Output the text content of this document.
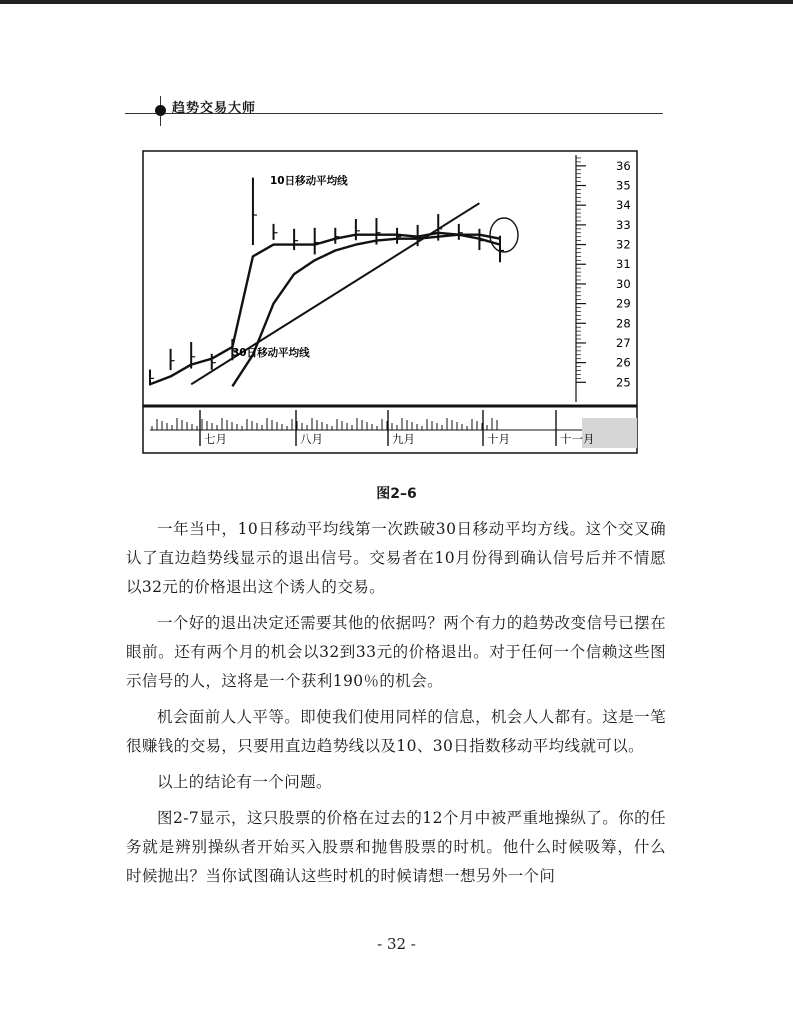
趋势交易大师
25
26
27
28
29
30
31
32
33
34
35
36
七月	八月	九月	十月	十一月
10日移动平均线
30日移动平均线
图2–6

一年当中，10日移动平均线第一次跌破30日移动平均方线。这个交叉确认了直边趋势线显示的退出信号。交易者在10月份得到确认信号后并不情愿以32元的价格退出这个诱人的交易。

一个好的退出决定还需要其他的依据吗？两个有力的趋势改变信号已摆在眼前。还有两个月的机会以32到33元的价格退出。对于任何一个信赖这些图示信号的人，这将是一个获利190％的机会。

机会面前人人平等。即使我们使用同样的信息，机会人人都有。这是一笔很赚钱的交易，只要用直边趋势线以及10、30日指数移动平均线就可以。

以上的结论有一个问题。

图2-7显示，这只股票的价格在过去的12个月中被严重地操纵了。你的任务就是辨别操纵者开始买入股票和抛售股票的时机。他什么时候吸筹，什么时候抛出？当你试图确认这些时机的时候请想一想另外一个问

- 32 -
